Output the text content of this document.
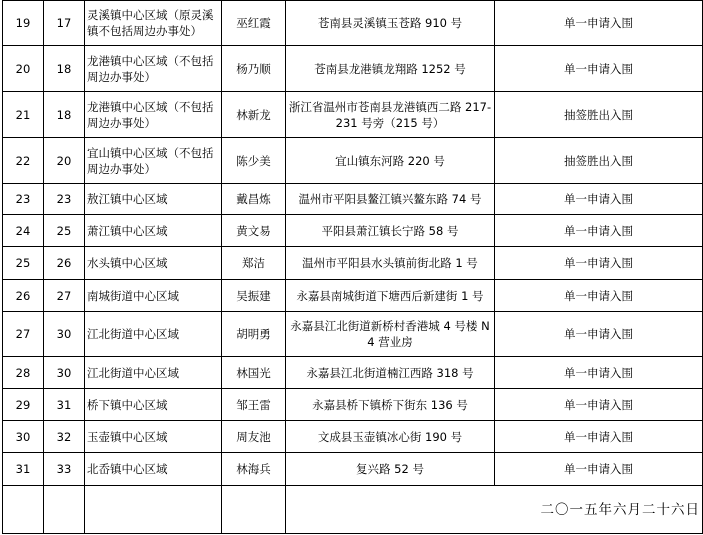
19	17	灵溪镇中心区域（原灵溪镇不包括周边办事处）	巫红霞	苍南县灵溪镇玉苍路 910 号	单一申请入围
20	18	龙港镇中心区域（不包括周边办事处）	杨乃顺	苍南县龙港镇龙翔路 1252 号	单一申请入围
21	18	龙港镇中心区域（不包括周边办事处）	林新龙	浙江省温州市苍南县龙港镇西二路 217-231 号旁（215 号）	抽签胜出入围
22	20	宜山镇中心区域（不包括周边办事处）	陈少美	宜山镇东河路 220 号	抽签胜出入围
23	23	敖江镇中心区域	戴昌炼	温州市平阳县鳌江镇兴鳌东路 74 号	单一申请入围
24	25	萧江镇中心区域	黄文易	平阳县萧江镇长宁路 58 号	单一申请入围
25	26	水头镇中心区域	郑洁	温州市平阳县水头镇前街北路 1 号	单一申请入围
26	27	南城街道中心区域	吴振建	永嘉县南城街道下塘西后新建街 1 号	单一申请入围
27	30	江北街道中心区域	胡明勇	永嘉县江北街道新桥村香港城 4 号楼 N4 营业房	单一申请入围
28	30	江北街道中心区域	林国光	永嘉县江北街道楠江西路 318 号	单一申请入围
29	31	桥下镇中心区域	邹王雷	永嘉县桥下镇桥下街东 136 号	单一申请入围
30	32	玉壶镇中心区域	周友池	文成县玉壶镇冰心街 190 号	单一申请入围
31	33	北岙镇中心区域	林海兵	复兴路 52 号	单一申请入围
				二〇一五年六月二十六日	
